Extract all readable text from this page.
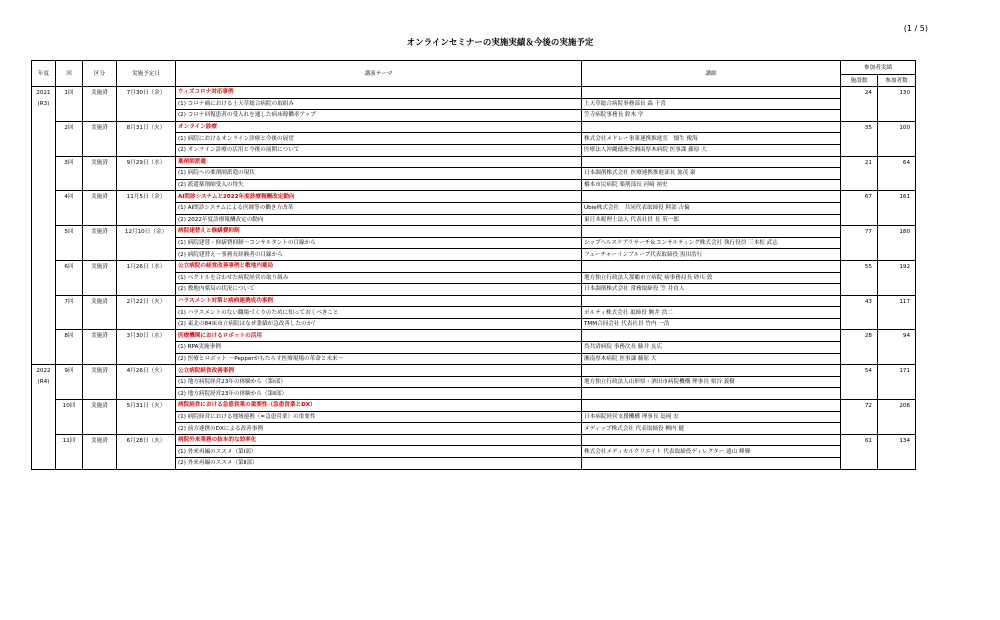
(1 / 5)
オンラインセミナーの実施実績＆今後の実施予定
年度	回	区分	実施予定日	講演テーマ	講師	参加者実績	
						施設数	参加者数

2021
(R3)	1回	実施済	7月30日（金）	ウィズコロナ対応事例		24	130
				(1) コロナ禍における上天草総合病院の取組み	上天草総合病院事務部長 森 千喜		
				(2) コロナ回復患者の受入れを通した病床稼働率アップ	笠寺病院事務長 鈴木 学		
	2回	実施済	8月31日（火）	オンライン診療		35	100
				(1) 病院におけるオンライン診療と今後の展望	株式会社メドレー事業連携推進室　畑生 俊海		
				(2) オンライン診療の活用と今後の展開について	医療法人沖縄徳洲会湘南厚木病院 医事課 藤原 大		
	3回	実施済	9月29日（水）	薬剤師派遣		21	64
				(1) 病院への薬剤師派遣の現状	日本調剤株式会社 医療連携推進部長 加茂 豪		
				(2) 派遣薬剤師受入の得失	橋本市民病院 薬剤部長 河﨑 裕史		
	4回	実施済	11月5日（金）	AI問診システムと2022年度診療報酬改定動向		67	161
				(1) AI問診システムによる医師等の働き方改革	Ubie株式会社　共同代表取締役 阿部 吉倫		
				(2) 2022年度診療報酬改定の動向	東日本税理士法人 代表社員 長 英一郎		
	5回	実施済	12月10日（金）	病院建替えと修繕費抑制		77	180
				(1) 病院建替・修繕費抑制～コンサルタントの目線から	シップヘルスケアリサーチ＆コンサルティング株式会社 執行役員 三本松 武志		
				(2) 病院建替え～事務長経験者の目線から	フューチャーインブループ代表取締役 黒田浩行		
	6回	実施済	1月26日（水）	公立病院の経営改善事例と敷地内薬局		55	192
				(1) ベクトルを合わせた病院経営の取り組み	地方独立行政法人那覇市立病院 病事務局長 砂川 敦		
				(2) 敷地内薬局の状況について	日本調剤株式会社 常務取締役 笠 井直人		
	7回	実施済	2月22日（火）	ハラスメント対策と病病連携成功事例		43	117
				(1) ハラスメントのない職場づくりのために知っておくべきこと	ポルティ株式会社 取締役 駒井 浩二		
				(2) 東北の84床市立病院はなぜ業績が急改善したのか？	TMM合同会社 代表社員 竹内 一浩		
	8回	実施済	3月30日（水）	医療機関におけるロボットの活用		28	94
				(1) RPA実施事例	呉共済病院 事務次長 藤井 友広		
				(2) 医療とロボット ～Pepperがもたらす医療現場の革命と未来～	湘南厚木病院 医事課 藤原 大		

2022
(R4)	9回	実施済	4月26日（火）	公立病院経営改善事例		54	171
				(1) 地方病院経営23年の体験から（第Ⅰ部）	地方独立行政法人山形県・酒田市病院機構 理事長 栗谷 義樹		
				(2) 地方病院経営23年の体験から（第Ⅱ部）			
	10回	実施済	5月31日（火）	病院経営における急患営業の重要性（急患営業とDX）		72	206
				(1) 病院経営における地域連携（=急患営業）の重要性	日本病院経営支援機構 理事長 島岡 宏		
				(2) 前方連携のDXによる改善事例	メディップ株式会社 代表取締役 柳内 健		
	11回	実施済	6月28日（火）	病院外来業務の抜本的な効率化		61	134
				(1) 外来再編のススメ（第Ⅰ部）	株式会社メディカルクリエイト 代表取締役ディレクター 遠山 峰輝		
				(2) 外来再編のススメ（第Ⅱ部）			
